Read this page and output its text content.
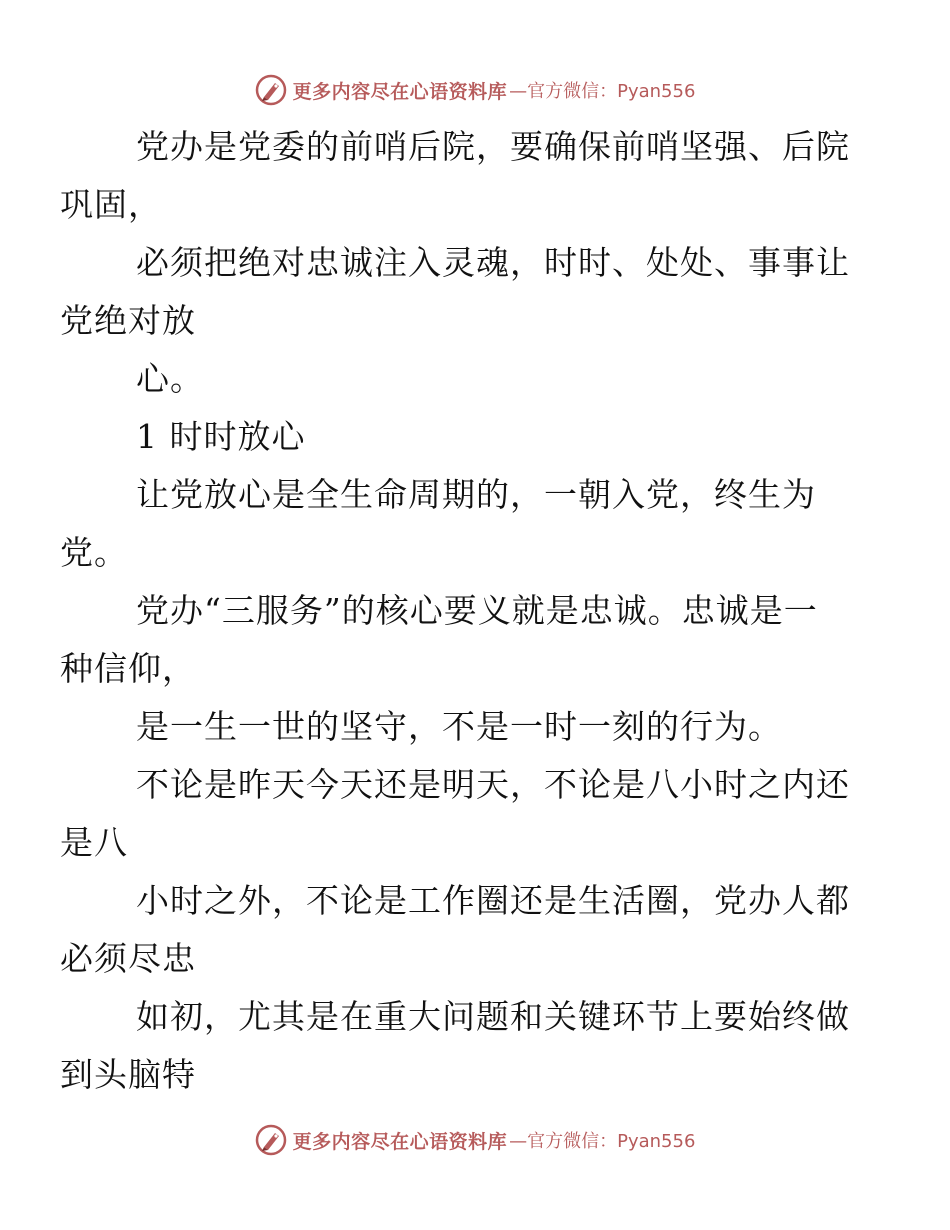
更多内容尽在心语资料库 —官方微信：Pyan556

党办是党委的前哨后院，要确保前哨坚强、后院
巩固，

必须把绝对忠诚注入灵魂，时时、处处、事事让
党绝对放

心。

1 时时放心

让党放心是全生命周期的，一朝入党，终生为
党。

党办“三服务”的核心要义就是忠诚。忠诚是一
种信仰，

是一生一世的坚守，不是一时一刻的行为。

不论是昨天今天还是明天，不论是八小时之内还
是八

小时之外，不论是工作圈还是生活圈，党办人都
必须尽忠

如初，尤其是在重大问题和关键环节上要始终做
到头脑特

更多内容尽在心语资料库 —官方微信：Pyan556
